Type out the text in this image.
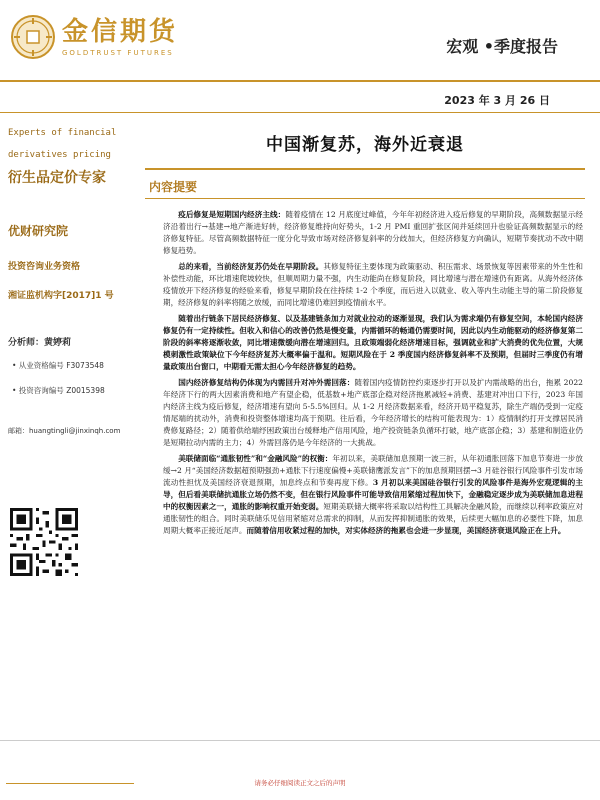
金信期货
GOLDTRUST FUTURES	宏观 •季度报告
2023 年 3 月 26 日
Experts of financial
derivatives pricing
衍生品定价专家
优财研究院
投资咨询业务资格
湘证监机构字[2017]1 号
分析师：黄婷莉
• 从业资格编号 F3073548
• 投资咨询编号 Z0015398
邮箱：huangtingli@jinxinqh.com
中国渐复苏，海外近衰退
内容提要

疫后修复是短期国内经济主线：随着疫情在 12 月底度过峰值，今年年初经济进入疫后修复的早期阶段，高频数据显示经济沿着出行→基建→地产渐进好转，经济修复维持向好势头，1-2 月 PMI 重回扩张区间并延续回升也验证高频数据显示的经济修复特征。尽管高频数据特征一度分化导致市场对经济修复斜率的分歧加大，但经济修复方向确认，短期节奏扰动不改中期修复趋势。

总的来看，当前经济复苏仍处在早期阶段。其修复特征主要体现为政策驱动、积压需求、场景恢复等因素带来的外生性和补偿性动能，环比增速爬坡较快，但顺周期力量不强，内生动能尚在修复阶段，同比增速与潜在增速仍有距离。从海外经济体疫情放开下经济修复的经验来看，修复早期阶段在往持续 1-2 个季度，而后进入以就业、收入等内生动能主导的第二阶段修复期，经济修复的斜率将随之放缓，而同比增速仍难回到疫情前水平。

随着出行链条下居民经济修复、以及基建链条加力对就业拉动的逐渐显现，我们认为需求端仍有修复空间，本轮国内经济修复仍有一定持续性。但收入和信心的改善仍然是慢变量，内需循环的畅通仍需要时间，因此以内生动能驱动的经济修复第二阶段的斜率将逐渐收敛，同比增速微缓向潜在增速回归。且政策端弱化经济增速目标，强调就业和扩大消费的优先位置，大规模刺激性政策缺位下今年经济复苏大概率偏于温和。短期风险在于 2 季度国内经济修复斜率不及预期，但届时三季度仍有增量政策出台窗口，中期看无需太担心今年经济修复的趋势。

国内经济修复结构仍体现为内需回升对冲外需回落：随着国内疫情防控约束逐步打开以及扩内需战略的出台，拖累 2022 年经济下行的两大因素消费和地产有望企稳，低基数+地产底部企稳对经济拖累减轻+消费、基建对冲出口下行，2023 年国内经济主线为疫后修复，经济增速有望向 5-5.5%回归。从 1-2 月经济数据来看，经济开局平稳复苏，除生产端仍受到一定疫情尾端的扰动外，消费和投资整体增速均高于预期。往后看，今年经济增长的结构可能表现为：1）疫情制约打开支撑居民消费修复路径；2）随着供给端纾困政策出台缓释地产信用风险，地产投资链条负循环打破，地产底部企稳；3）基建和制造业仍是短期拉动内需的主力；4）外需回落仍是今年经济的一大挑战。

美联储面临“通胀韧性”和“金融风险”的权衡：年初以来，美联储加息预期一波三折，从年初通胀回落下加息节奏进一步放缓→2 月“美国经济数据超预期强劲+通胀下行速度偏慢+美联储鹰派发言”下的加息预期回摆→3 月硅谷银行风险事件引发市场流动性担忧及美国经济衰退预期，加息终点和节奏再度下修。3 月初以来美国硅谷银行引发的风险事件是海外宏观逻辑的主导，但后看美联储抗通胀立场仍然不变，但在银行风险事件可能导致信用紧缩过程加快下，金融稳定逐步成为美联储加息进程中的权衡因素之一，通胀的影响权重开始变弱。短期美联储大概率将采取以结构性工具解决金融风险，而继续以利率政策应对通胀韧性的组合。同时美联储乐见信用紧缩对总需求的抑制，从而发挥抑制通胀的效果，后续更大幅加息的必要性下降，加息周期大概率正接近尾声。而随着信用收紧过程的加快，对实体经济的拖累也会进一步显现，美国经济衰退风险正在上升。

请务必仔细阅读正文之后的声明
